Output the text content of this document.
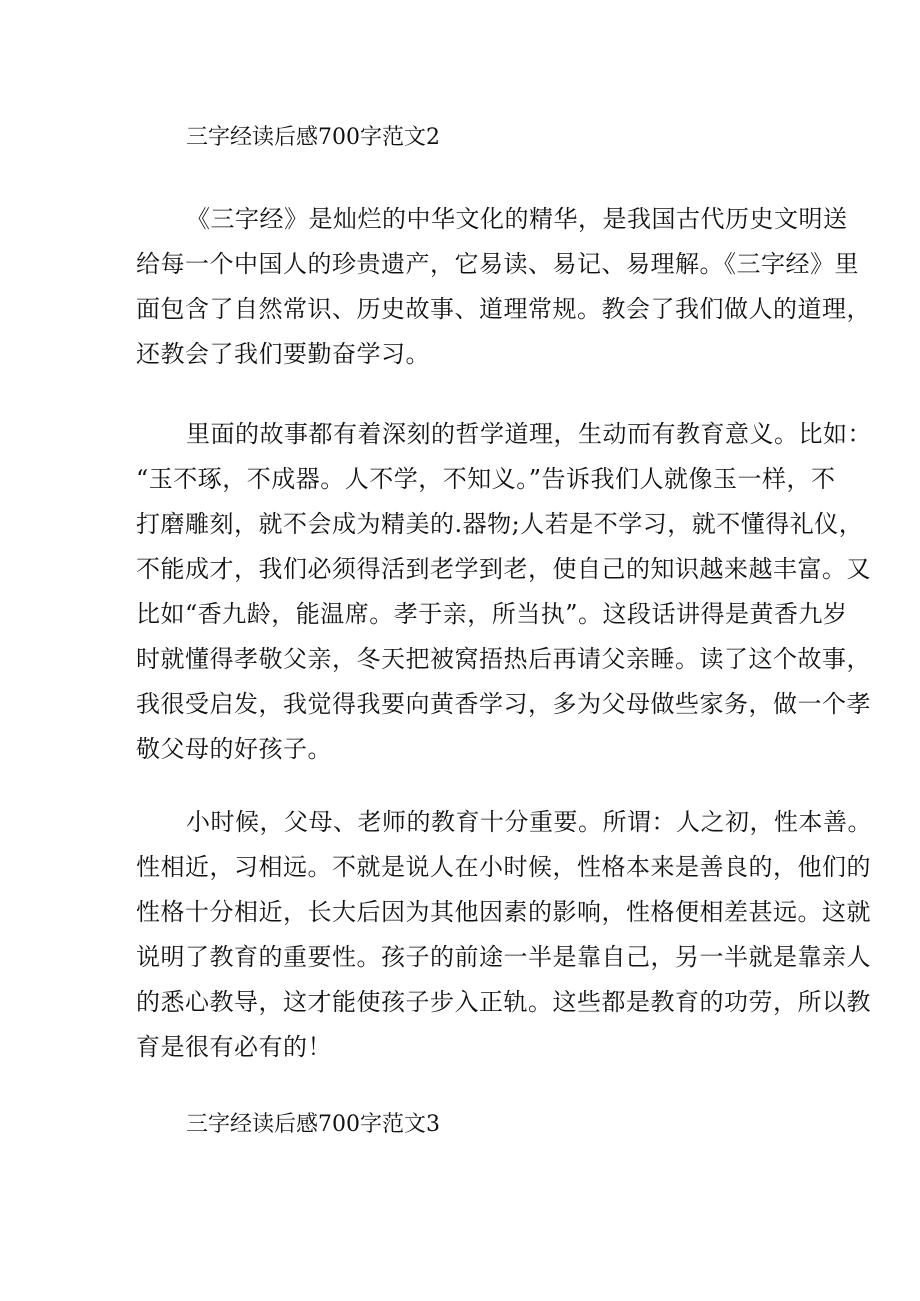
三字经读后感700字范文2
《三字经》是灿烂的中华文化的精华，是我国古代历史文明送
给每一个中国人的珍贵遗产，它易读、易记、易理解。《三字经》里
面包含了自然常识、历史故事、道理常规。教会了我们做人的道理，
还教会了我们要勤奋学习。
里面的故事都有着深刻的哲学道理，生动而有教育意义。比如：
“玉不琢，不成器。人不学，不知义。”告诉我们人就像玉一样，不
打磨雕刻，就不会成为精美的.器物;人若是不学习，就不懂得礼仪，
不能成才，我们必须得活到老学到老，使自己的知识越来越丰富。又
比如“香九龄，能温席。孝于亲，所当执”。这段话讲得是黄香九岁
时就懂得孝敬父亲，冬天把被窝捂热后再请父亲睡。读了这个故事，
我很受启发，我觉得我要向黄香学习，多为父母做些家务，做一个孝
敬父母的好孩子。
小时候，父母、老师的教育十分重要。所谓：人之初，性本善。
性相近，习相远。不就是说人在小时候，性格本来是善良的，他们的
性格十分相近，长大后因为其他因素的影响，性格便相差甚远。这就
说明了教育的重要性。孩子的前途一半是靠自己，另一半就是靠亲人
的悉心教导，这才能使孩子步入正轨。这些都是教育的功劳，所以教
育是很有必有的！
三字经读后感700字范文3
